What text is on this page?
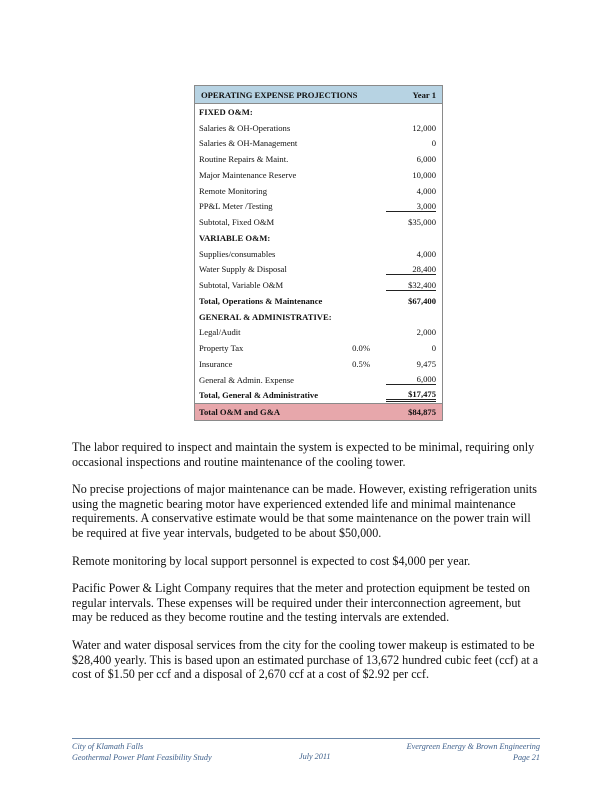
OPERATING EXPENSE PROJECTIONS	Year 1
FIXED O&M:
Salaries & OH-Operations	12,000
Salaries & OH-Management	0
Routine Repairs & Maint.	6,000
Major Maintenance Reserve	10,000
Remote Monitoring	4,000
PP&L Meter /Testing	3,000
Subtotal, Fixed O&M	$35,000
VARIABLE O&M:
Supplies/consumables	4,000
Water Supply & Disposal	28,400
Subtotal, Variable O&M	$32,400
Total, Operations & Maintenance	$67,400
GENERAL & ADMINISTRATIVE:
Legal/Audit	2,000
Property Tax	0.0%	0
Insurance	0.5%	9,475
General & Admin. Expense	6,000
Total, General & Administrative	$17,475
Total O&M and G&A	$84,875

The labor required to inspect and maintain the system is expected to be minimal, requiring only occasional inspections and routine maintenance of the cooling tower.

No precise projections of major maintenance can be made. However, existing refrigeration units using the magnetic bearing motor have experienced extended life and minimal maintenance requirements. A conservative estimate would be that some maintenance on the power train will be required at five year intervals, budgeted to be about $50,000.

Remote monitoring by local support personnel is expected to cost $4,000 per year.

Pacific Power & Light Company requires that the meter and protection equipment be tested on regular intervals. These expenses will be required under their interconnection agreement, but may be reduced as they become routine and the testing intervals are extended.

Water and water disposal services from the city for the cooling tower makeup is estimated to be $28,400 yearly. This is based upon an estimated purchase of 13,672 hundred cubic feet (ccf) at a cost of $1.50 per ccf and a disposal of 2,670 ccf at a cost of $2.92 per ccf.

City of Klamath Falls
Geothermal Power Plant Feasibility Study	July 2011
Evergreen Energy & Brown Engineering
Page 21
